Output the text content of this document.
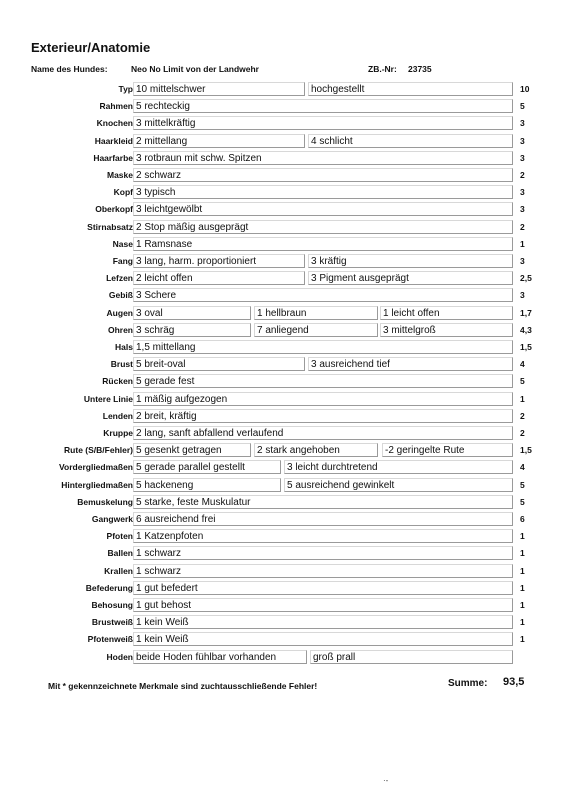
Exterieur/Anatomie
Name des Hundes:	Neo No Limit von der Landwehr	ZB.-Nr: 23735
Typ 10 mittelschwer	hochgestellt	10
Rahmen 5 rechteckig	5
Knochen 3 mittelkräftig	3
Haarkleid 2 mittellang	4 schlicht	3
Haarfarbe 3 rotbraun mit schw. Spitzen	3
Maske 2 schwarz	2
Kopf 3 typisch	3
Oberkopf 3 leichtgewölbt	3
Stirnabsatz 2 Stop mäßig ausgeprägt	2
Nase 1 Ramsnase	1
Fang 3 lang, harm. proportioniert	3 kräftig	3
Lefzen 2 leicht offen	3 Pigment ausgeprägt	2,5
Gebiß 3 Schere	3
Augen 3 oval	1 hellbraun	1 leicht offen	1,7
Ohren 3 schräg	7 anliegend	3 mittelgroß	4,3
Hals 1,5 mittellang	1,5
Brust 5 breit-oval	3 ausreichend tief	4
Rücken 5 gerade fest	5
Untere Linie 1 mäßig aufgezogen	1
Lenden 2 breit, kräftig	2
Kruppe 2 lang, sanft abfallend verlaufend	2
Rute (S/B/Fehler) 5 gesenkt getragen	2 stark angehoben	-2 geringelte Rute	1,5
Vordergliedmaßen 5 gerade parallel gestellt	3 leicht durchtretend	4
Hintergliedmaßen 5 hackeneng	5 ausreichend gewinkelt	5
Bemuskelung 5 starke, feste Muskulatur	5
Gangwerk 6 ausreichend frei	6
Pfoten 1 Katzenpfoten	1
Ballen 1 schwarz	1
Krallen 1 schwarz	1
Befederung 1 gut befedert	1
Behosung 1 gut behost	1
Brustweiß 1 kein Weiß	1
Pfotenweiß 1 kein Weiß	1
Hoden beide Hoden fühlbar vorhanden	groß prall
Mit * gekennzeichnete Merkmale sind zuchtausschließende Fehler!	Summe: 93,5
·-
